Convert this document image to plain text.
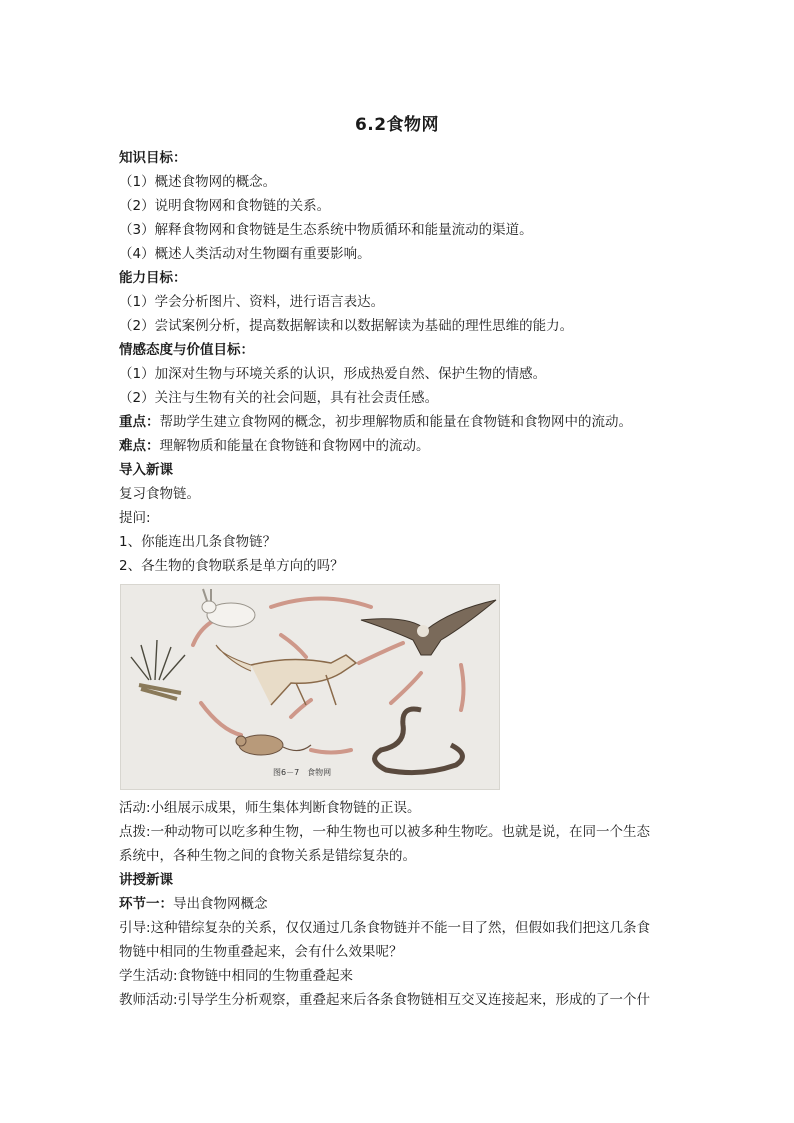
6.2食物网
知识目标：
（1）概述食物网的概念。
（2）说明食物网和食物链的关系。
（3）解释食物网和食物链是生态系统中物质循环和能量流动的渠道。
（4）概述人类活动对生物圈有重要影响。
能力目标：
（1）学会分析图片、资料，进行语言表达。
（2）尝试案例分析，提高数据解读和以数据解读为基础的理性思维的能力。
情感态度与价值目标：
（1）加深对生物与环境关系的认识，形成热爱自然、保护生物的情感。
（2）关注与生物有关的社会问题，具有社会责任感。
重点：帮助学生建立食物网的概念，初步理解物质和能量在食物链和食物网中的流动。
难点：理解物质和能量在食物链和食物网中的流动。
导入新课
复习食物链。
提问:
1、你能连出几条食物链？
2、各生物的食物联系是单方向的吗？
图6－7　食物网
活动:小组展示成果，师生集体判断食物链的正误。
点拨:一种动物可以吃多种生物，一种生物也可以被多种生物吃。也就是说，在同一个生态
系统中，各种生物之间的食物关系是错综复杂的。
讲授新课
环节一：导出食物网概念
引导:这种错综复杂的关系，仅仅通过几条食物链并不能一目了然，但假如我们把这几条食
物链中相同的生物重叠起来，会有什么效果呢？
学生活动:食物链中相同的生物重叠起来
教师活动:引导学生分析观察，重叠起来后各条食物链相互交叉连接起来，形成的了一个什
